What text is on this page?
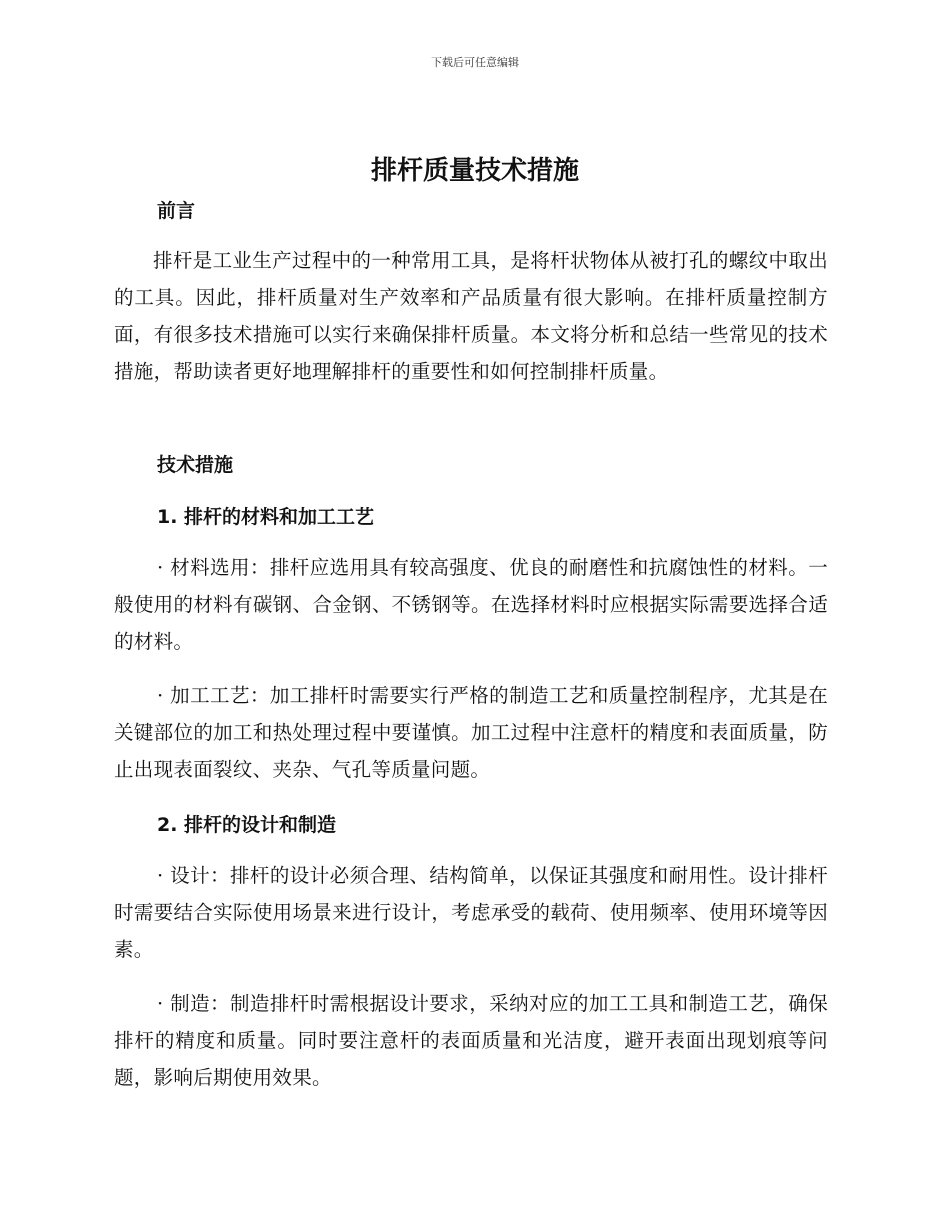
下载后可任意编辑
排杆质量技术措施
前言

排杆是工业生产过程中的一种常用工具，是将杆状物体从被打孔的螺纹中取出的工具。因此，排杆质量对生产效率和产品质量有很大影响。在排杆质量控制方面，有很多技术措施可以实行来确保排杆质量。本文将分析和总结一些常见的技术措施，帮助读者更好地理解排杆的重要性和如何控制排杆质量。

技术措施
1. 排杆的材料和加工工艺

· 材料选用：排杆应选用具有较高强度、优良的耐磨性和抗腐蚀性的材料。一般使用的材料有碳钢、合金钢、不锈钢等。在选择材料时应根据实际需要选择合适的材料。

· 加工工艺：加工排杆时需要实行严格的制造工艺和质量控制程序，尤其是在关键部位的加工和热处理过程中要谨慎。加工过程中注意杆的精度和表面质量，防止出现表面裂纹、夹杂、气孔等质量问题。

2. 排杆的设计和制造

· 设计：排杆的设计必须合理、结构简单，以保证其强度和耐用性。设计排杆时需要结合实际使用场景来进行设计，考虑承受的载荷、使用频率、使用环境等因素。

· 制造：制造排杆时需根据设计要求，采纳对应的加工工具和制造工艺，确保排杆的精度和质量。同时要注意杆的表面质量和光洁度，避开表面出现划痕等问题，影响后期使用效果。
